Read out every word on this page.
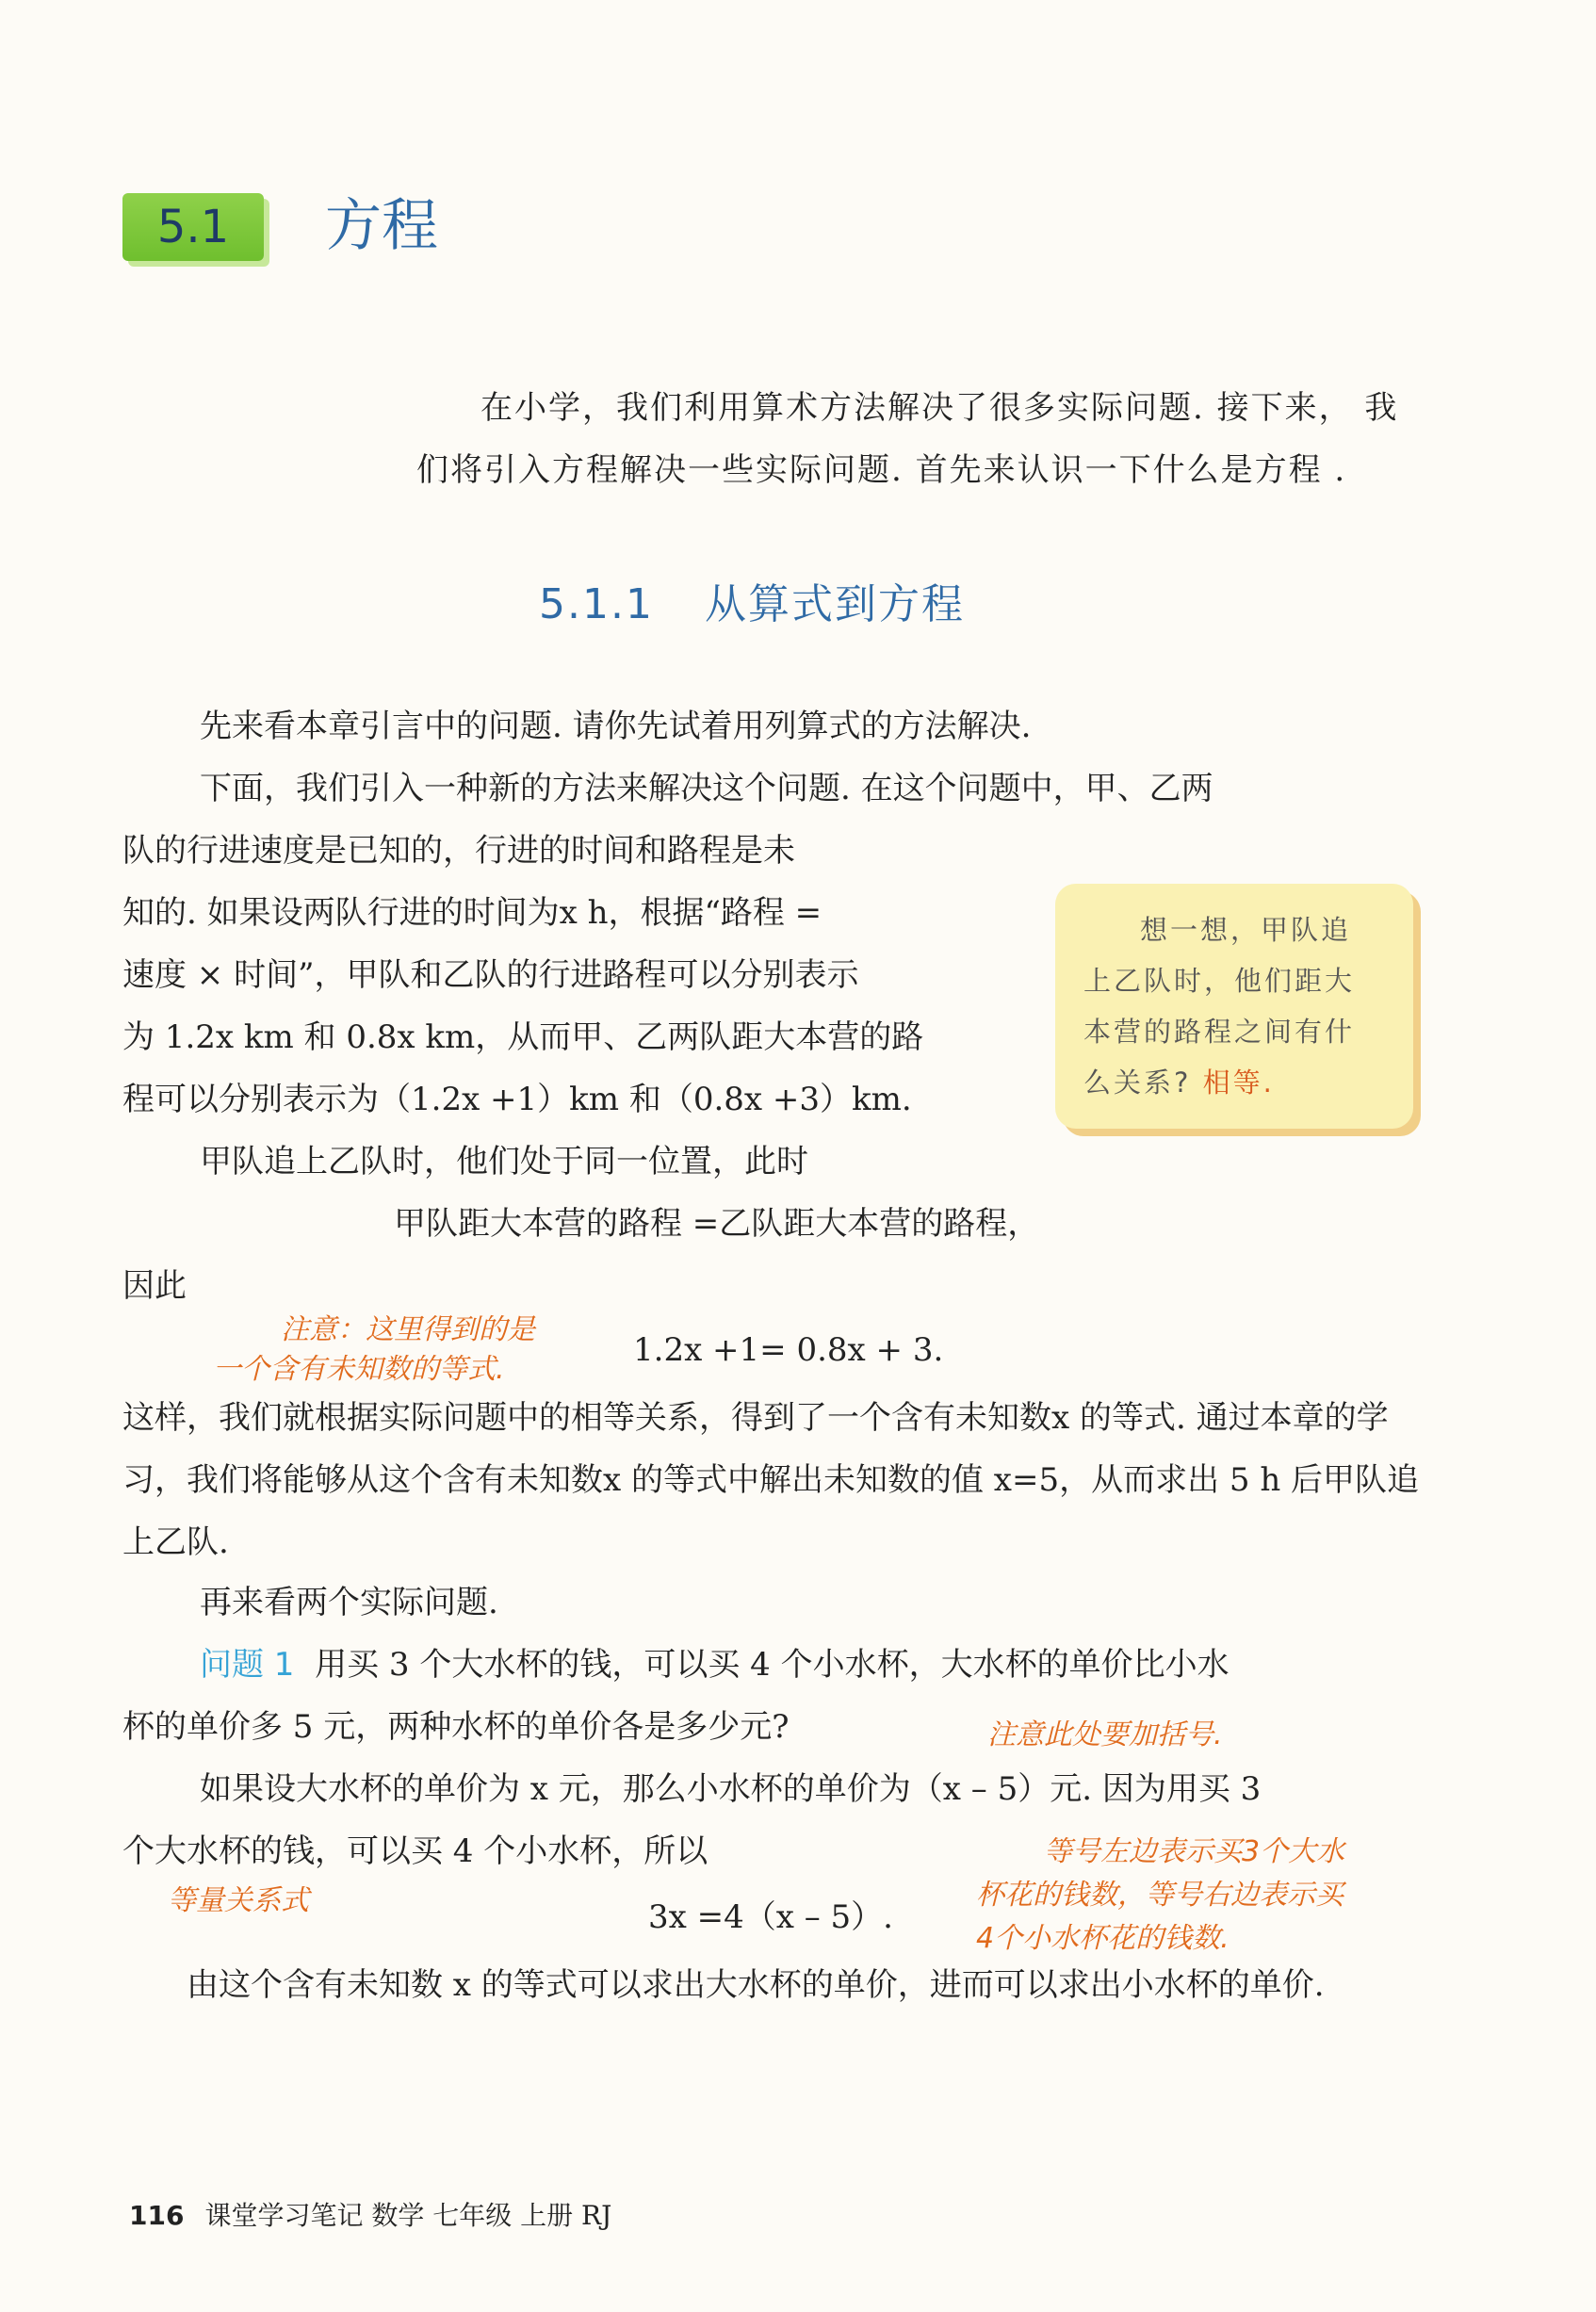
5.1	方程
在小学，我们利用算术方法解决了很多实际问题. 接下来， 我们将引入方程解决一些实际问题. 首先来认识一下什么是方程 .
5.1.1 从算式到方程
先来看本章引言中的问题. 请你先试着用列算式的方法解决.
下面，我们引入一种新的方法来解决这个问题. 在这个问题中，甲、乙两
队的行进速度是已知的，行进的时间和路程是未
知的. 如果设两队行进的时间为x h，根据“路程 =
速度 × 时间”，甲队和乙队的行进路程可以分别表示
为 1.2x km 和 0.8x km，从而甲、乙两队距大本营的路
程可以分别表示为（1.2x +1）km 和（0.8x +3）km.
想一想，甲队追
上乙队时，他们距大
本营的路程之间有什
么关系? 相等.
甲队追上乙队时，他们处于同一位置，此时
甲队距大本营的路程 =乙队距大本营的路程，
因此
注意：这里得到的是
一个含有未知数的等式.
1.2x +1= 0.8x + 3.
这样，我们就根据实际问题中的相等关系，得到了一个含有未知数x 的等式. 通过本章的学习，我们将能够从这个含有未知数x 的等式中解出未知数的值 x=5，从而求出 5 h 后甲队追上乙队.
再来看两个实际问题.
问题 1 用买 3 个大水杯的钱，可以买 4 个小水杯，大水杯的单价比小水
杯的单价多 5 元，两种水杯的单价各是多少元?	注意此处要加括号.
如果设大水杯的单价为 x 元，那么小水杯的单价为（x – 5）元. 因为用买 3
个大水杯的钱，可以买 4 个小水杯，所以
等量关系式
等号左边表示买3个大水
杯花的钱数，等号右边表示买
4个小水杯花的钱数.
3x =4（x – 5）.
由这个含有未知数 x 的等式可以求出大水杯的单价，进而可以求出小水杯的单价.
116 课堂学习笔记 数学 七年级 上册 RJ
